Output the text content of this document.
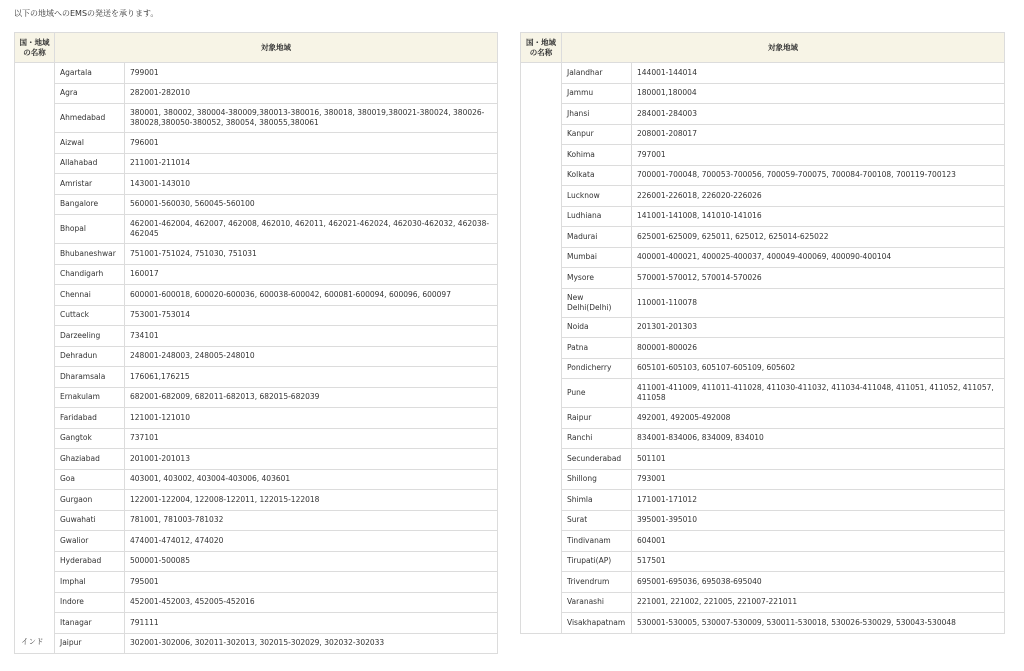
以下の地域へのEMSの発送を承ります。

国・地域
の名称	対象地域	
インド	Agartala	799001
	Agra	282001-282010
	Ahmedabad	380001, 380002, 380004-380009,380013-380016, 380018, 380019,380021-380024, 380026-380028,380050-380052, 380054, 380055,380061
	Aizwal	796001
	Allahabad	211001-211014
	Amristar	143001-143010
	Bangalore	560001-560030, 560045-560100
	Bhopal	462001-462004, 462007, 462008, 462010, 462011, 462021-462024, 462030-462032, 462038-462045
	Bhubaneshwar	751001-751024, 751030, 751031
	Chandigarh	160017
	Chennai	600001-600018, 600020-600036, 600038-600042, 600081-600094, 600096, 600097
	Cuttack	753001-753014
	Darzeeling	734101
	Dehradun	248001-248003, 248005-248010
	Dharamsala	176061,176215
	Ernakulam	682001-682009, 682011-682013, 682015-682039
	Faridabad	121001-121010
	Gangtok	737101
	Ghaziabad	201001-201013
	Goa	403001, 403002, 403004-403006, 403601
	Gurgaon	122001-122004, 122008-122011, 122015-122018
	Guwahati	781001, 781003-781032
	Gwalior	474001-474012, 474020
	Hyderabad	500001-500085
	Imphal	795001
	Indore	452001-452003, 452005-452016
	Itanagar	791111
	Jaipur	302001-302006, 302011-302013, 302015-302029, 302032-302033
国・地域
の名称	対象地域	
	Jalandhar	144001-144014
	Jammu	180001,180004
	Jhansi	284001-284003
	Kanpur	208001-208017
	Kohima	797001
	Kolkata	700001-700048, 700053-700056, 700059-700075, 700084-700108, 700119-700123
	Lucknow	226001-226018, 226020-226026
	Ludhiana	141001-141008, 141010-141016
	Madurai	625001-625009, 625011, 625012, 625014-625022
	Mumbai	400001-400021, 400025-400037, 400049-400069, 400090-400104
	Mysore	570001-570012, 570014-570026
	New Delhi(Delhi)	110001-110078
	Noida	201301-201303
	Patna	800001-800026
	Pondicherry	605101-605103, 605107-605109, 605602
	Pune	411001-411009, 411011-411028, 411030-411032, 411034-411048, 411051, 411052, 411057, 411058
	Raipur	492001, 492005-492008
	Ranchi	834001-834006, 834009, 834010
	Secunderabad	501101
	Shillong	793001
	Shimla	171001-171012
	Surat	395001-395010
	Tindivanam	604001
	Tirupati(AP)	517501
	Trivendrum	695001-695036, 695038-695040
	Varanashi	221001, 221002, 221005, 221007-221011
	Visakhapatnam	530001-530005, 530007-530009, 530011-530018, 530026-530029, 530043-530048
